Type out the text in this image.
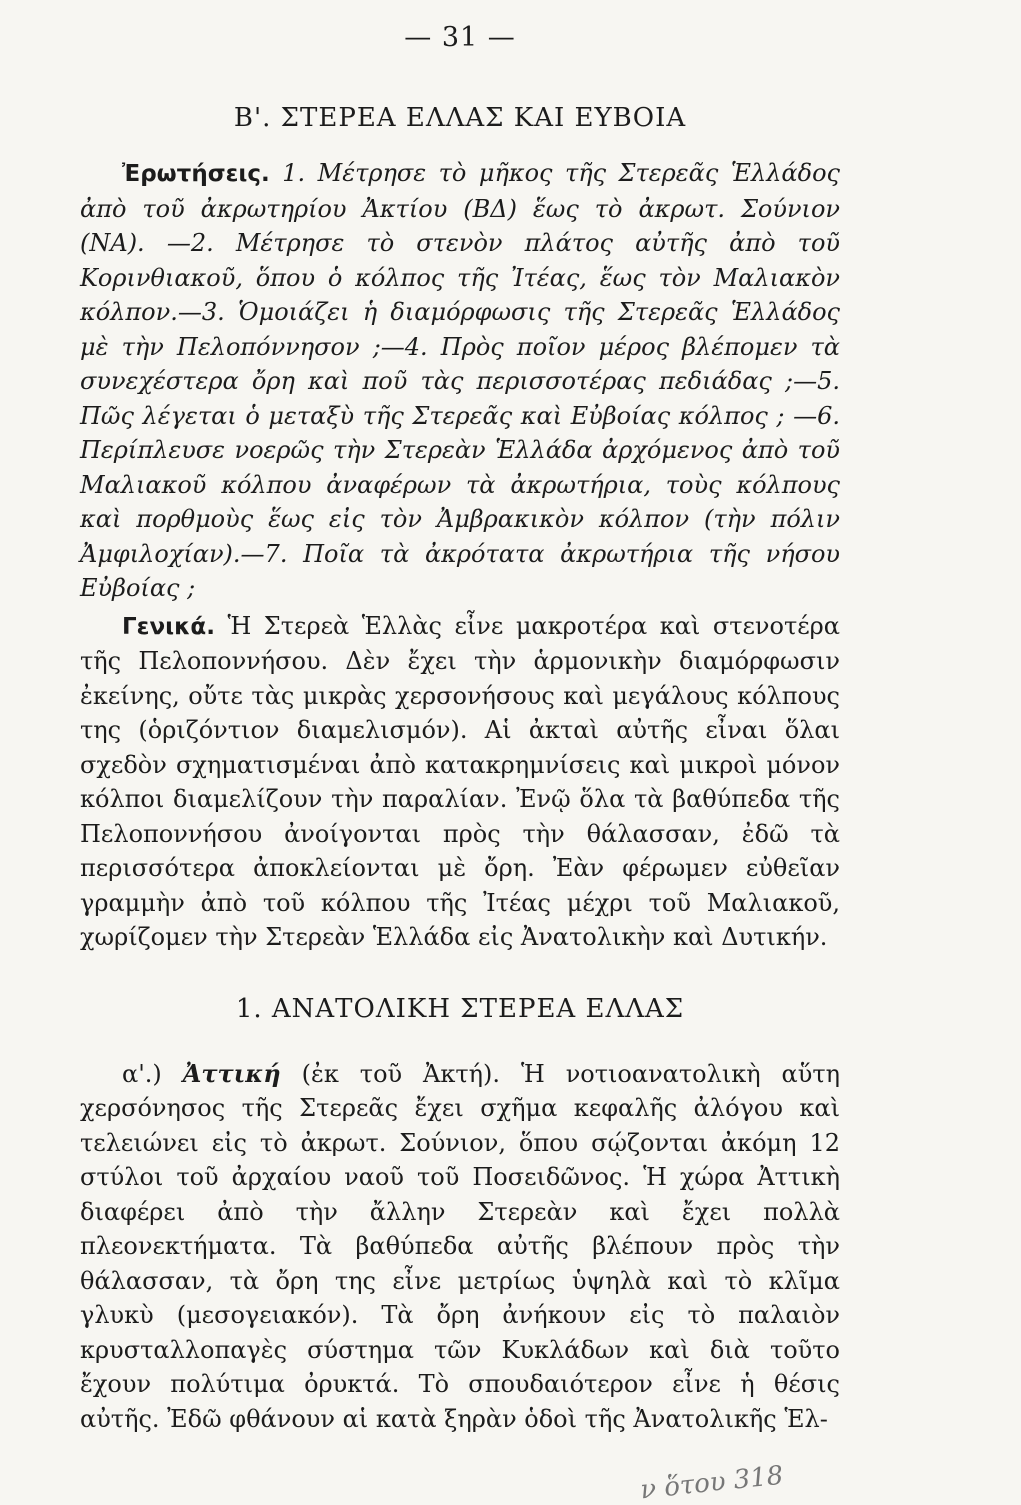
— 31 —
Β'. ΣΤΕΡΕΑ ΕΛΛΑΣ ΚΑΙ ΕΥΒΟΙΑ

Ἐρωτήσεις. 1. Μέτρησε τὸ μῆκος τῆς Στερεᾶς Ἑλλάδος ἀπὸ τοῦ ἀκρωτηρίου Ἀκτίου (ΒΔ) ἕως τὸ ἀκρωτ. Σούνιον (ΝΑ). —2. Μέτρησε τὸ στενὸν πλάτος αὐτῆς ἀπὸ τοῦ Κορινθιακοῦ, ὅπου ὁ κόλπος τῆς Ἰτέας, ἕως τὸν Μαλιακὸν κόλπον.—3. Ὁμοιάζει ἡ διαμόρφωσις τῆς Στερεᾶς Ἑλλάδος μὲ τὴν Πελοπόννησον ;—4. Πρὸς ποῖον μέρος βλέπομεν τὰ συνεχέστερα ὄρη καὶ ποῦ τὰς περισσοτέρας πεδιάδας ;—5. Πῶς λέγεται ὁ μεταξὺ τῆς Στερεᾶς καὶ Εὐβοίας κόλπος ; —6. Περίπλευσε νοερῶς τὴν Στερεὰν Ἑλλάδα ἀρχόμενος ἀπὸ τοῦ Μαλιακοῦ κόλπου ἀναφέρων τὰ ἀκρωτήρια, τοὺς κόλπους καὶ πορθμοὺς ἕως εἰς τὸν Ἀμβρακικὸν κόλπον (τὴν πόλιν Ἀμφιλοχίαν).—7. Ποῖα τὰ ἀκρότατα ἀκρωτήρια τῆς νήσου Εὐβοίας ;

Γενικά. Ἡ Στερεὰ Ἑλλὰς εἶνε μακροτέρα καὶ στενοτέρα τῆς Πελοποννήσου. Δὲν ἔχει τὴν ἁρμονικὴν διαμόρφωσιν ἐκείνης, οὔτε τὰς μικρὰς χερσονήσους καὶ μεγάλους κόλπους της (ὁριζόντιον διαμελισμόν). Αἱ ἀκταὶ αὐτῆς εἶναι ὅλαι σχεδὸν σχηματισμέναι ἀπὸ κατακρημνίσεις καὶ μικροὶ μόνον κόλποι διαμελίζουν τὴν παραλίαν. Ἐνῷ ὅλα τὰ βαθύπεδα τῆς Πελοποννήσου ἀνοίγονται πρὸς τὴν θάλασσαν, ἐδῶ τὰ περισσότερα ἀποκλείονται μὲ ὄρη. Ἐὰν φέρωμεν εὐθεῖαν γραμμὴν ἀπὸ τοῦ κόλπου τῆς Ἰτέας μέχρι τοῦ Μαλιακοῦ, χωρίζομεν τὴν Στερεὰν Ἑλλάδα εἰς Ἀνατολικὴν καὶ Δυτικήν.

1. ΑΝΑΤΟΛΙΚΗ ΣΤΕΡΕΑ ΕΛΛΑΣ

α'.) Ἀττική (ἐκ τοῦ Ἀκτή). Ἡ νοτιοανατολικὴ αὕτη χερσόνησος τῆς Στερεᾶς ἔχει σχῆμα κεφαλῆς ἀλόγου καὶ τελειώνει εἰς τὸ ἀκρωτ. Σούνιον, ὅπου σῴζονται ἀκόμη 12 στύλοι τοῦ ἀρχαίου ναοῦ τοῦ Ποσειδῶνος. Ἡ χώρα Ἀττικὴ διαφέρει ἀπὸ τὴν ἄλλην Στερεὰν καὶ ἔχει πολλὰ πλεονεκτήματα. Τὰ βαθύπεδα αὐτῆς βλέπουν πρὸς τὴν θάλασσαν, τὰ ὄρη της εἶνε μετρίως ὑψηλὰ καὶ τὸ κλῖμα γλυκὺ (μεσογειακόν). Τὰ ὄρη ἀνήκουν εἰς τὸ παλαιὸν κρυσταλλοπαγὲς σύστημα τῶν Κυκλάδων καὶ διὰ τοῦτο ἔχουν πολύτιμα ὀρυκτά. Τὸ σπουδαιότερον εἶνε ἡ θέσις αὐτῆς. Ἐδῶ φθάνουν αἱ κατὰ ξηρὰν ὁδοὶ τῆς Ἀνατολικῆς Ἑλ-

ν ὅτου 318
